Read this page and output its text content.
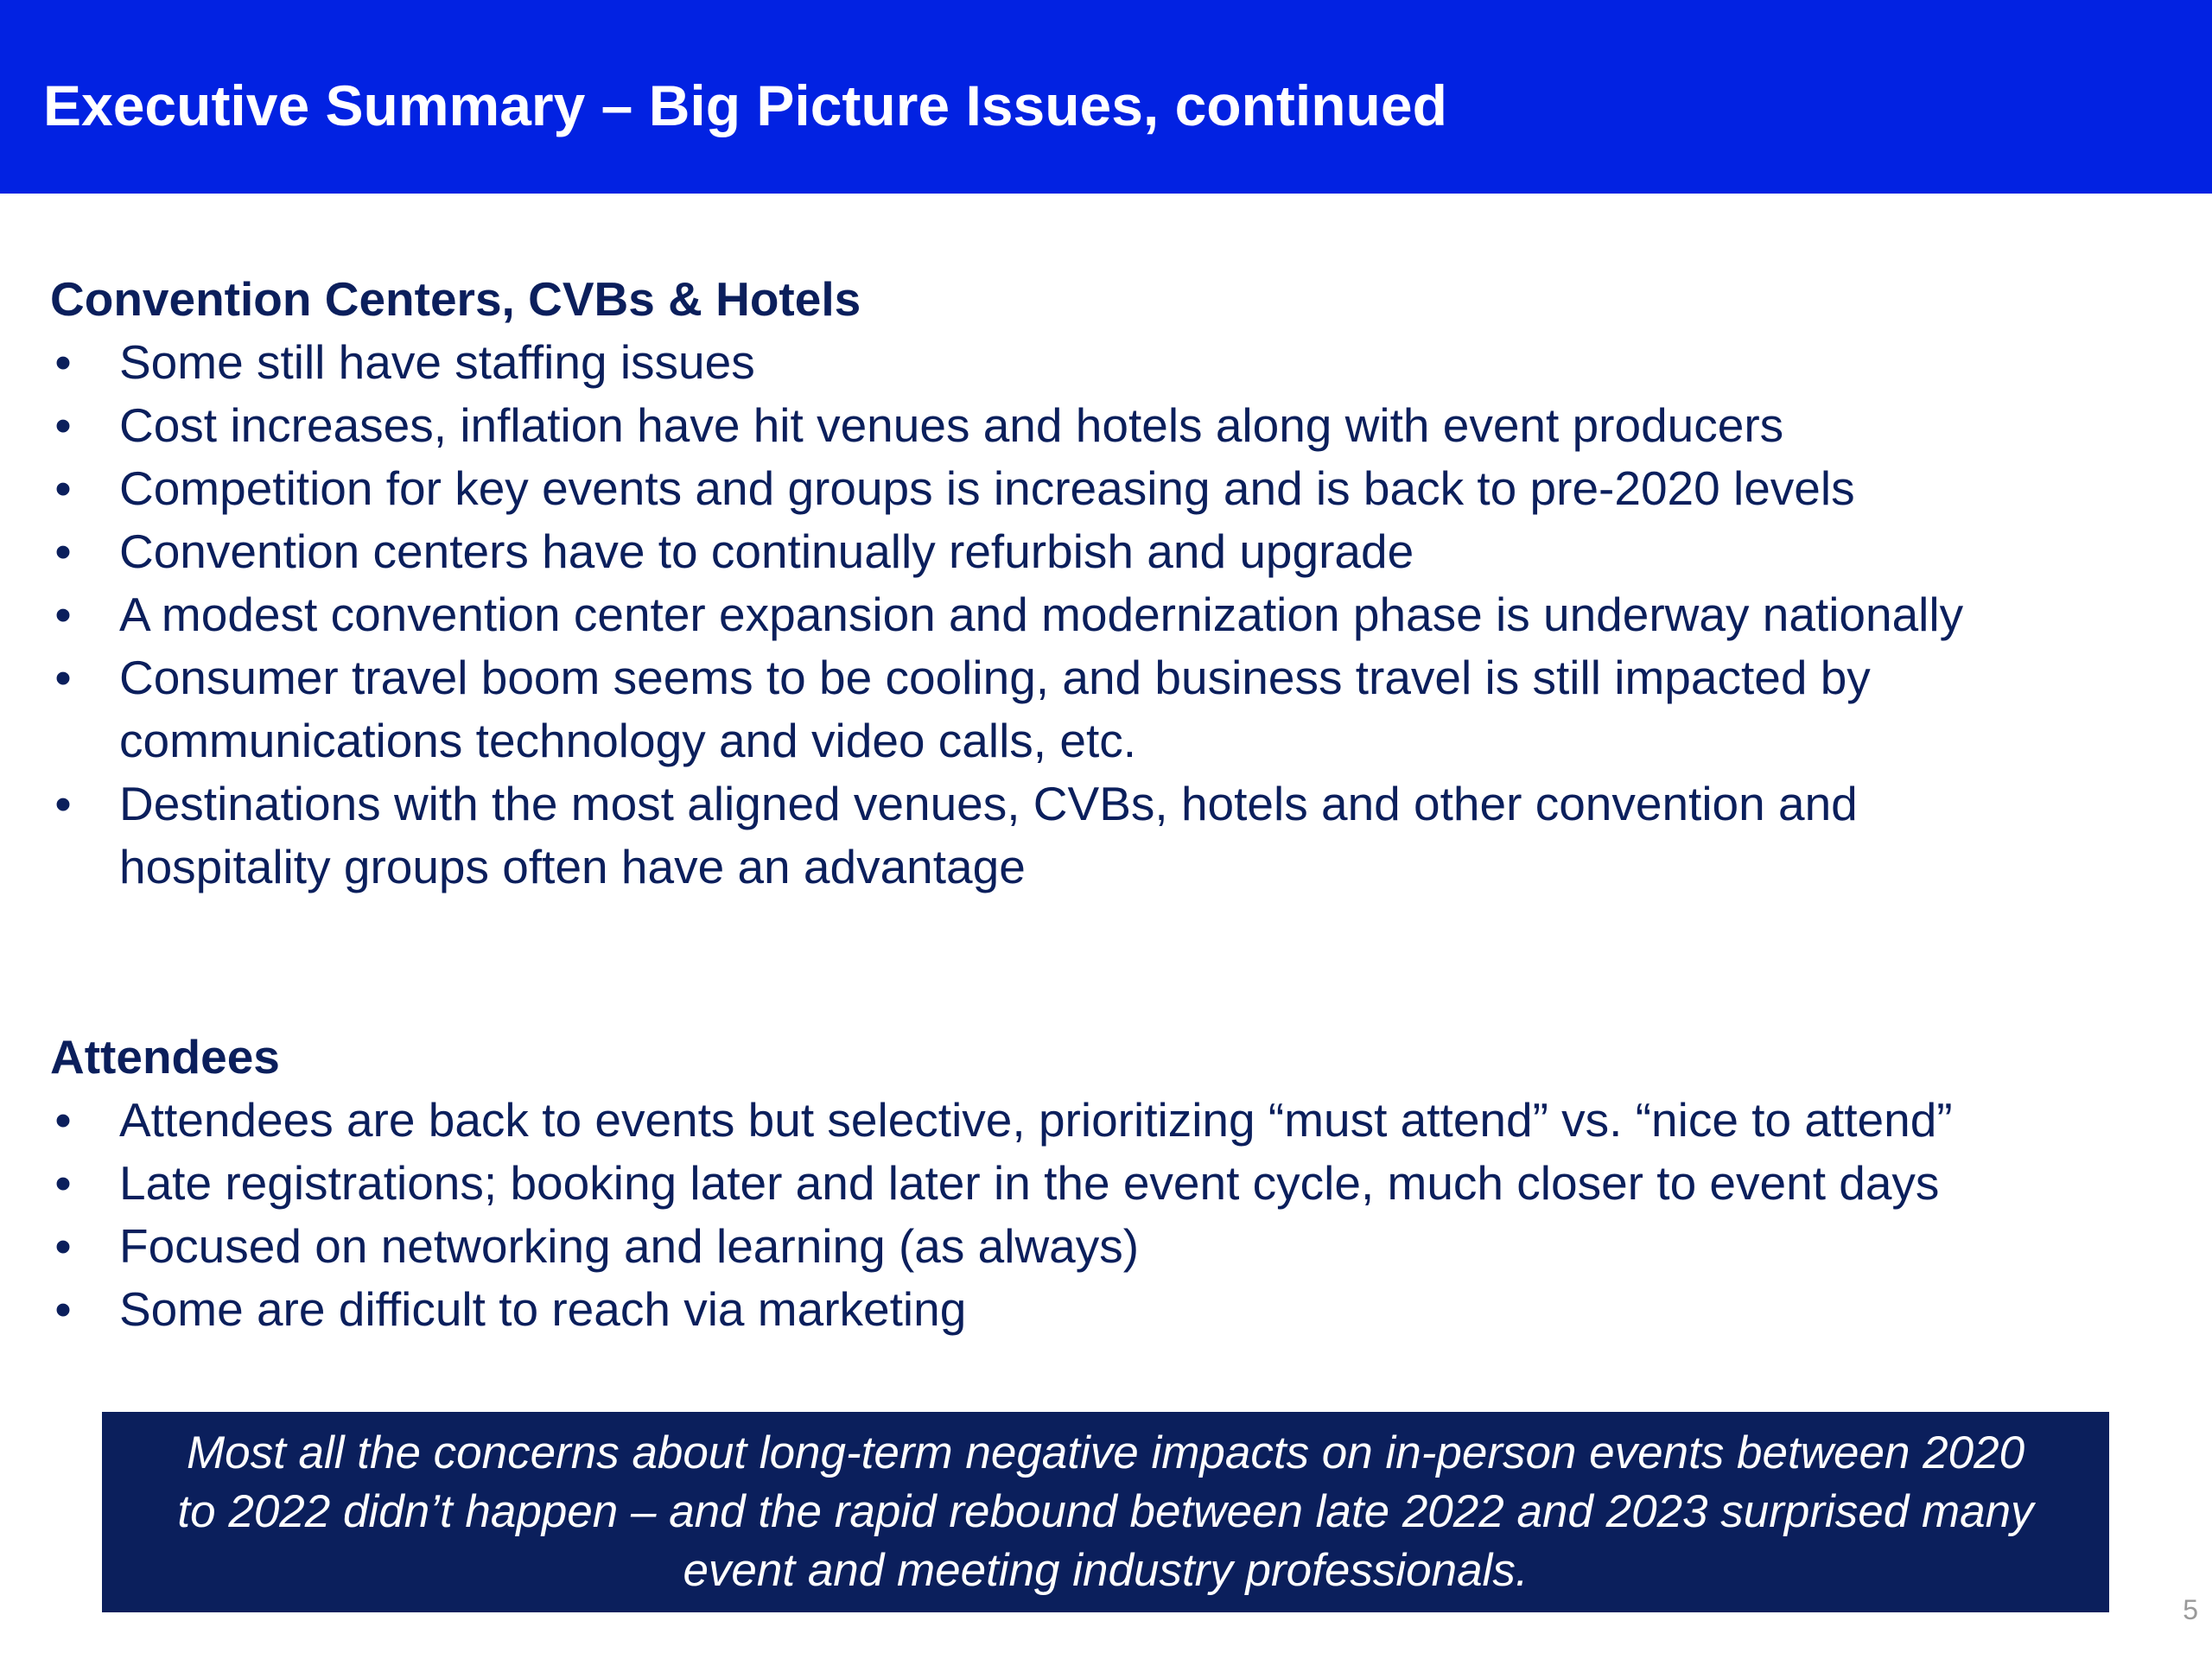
Executive Summary – Big Picture Issues, continued
Convention Centers, CVBs & Hotels
• Some still have staffing issues
• Cost increases, inflation have hit venues and hotels along with event producers
• Competition for key events and groups is increasing and is back to pre-2020 levels
• Convention centers have to continually refurbish and upgrade
• A modest convention center expansion and modernization phase is underway nationally
• Consumer travel boom seems to be cooling, and business travel is still impacted by
communications technology and video calls, etc.
• Destinations with the most aligned venues, CVBs, hotels and other convention and
hospitality groups often have an advantage
Attendees
• Attendees are back to events but selective, prioritizing “must attend” vs. “nice to attend”
• Late registrations; booking later and later in the event cycle, much closer to event days
• Focused on networking and learning (as always)
• Some are difficult to reach via marketing

Most all the concerns about long-term negative impacts on in-person events between 2020 to 2022 didn’t happen – and the rapid rebound between late 2022 and 2023 surprised many event and meeting industry professionals.

5
